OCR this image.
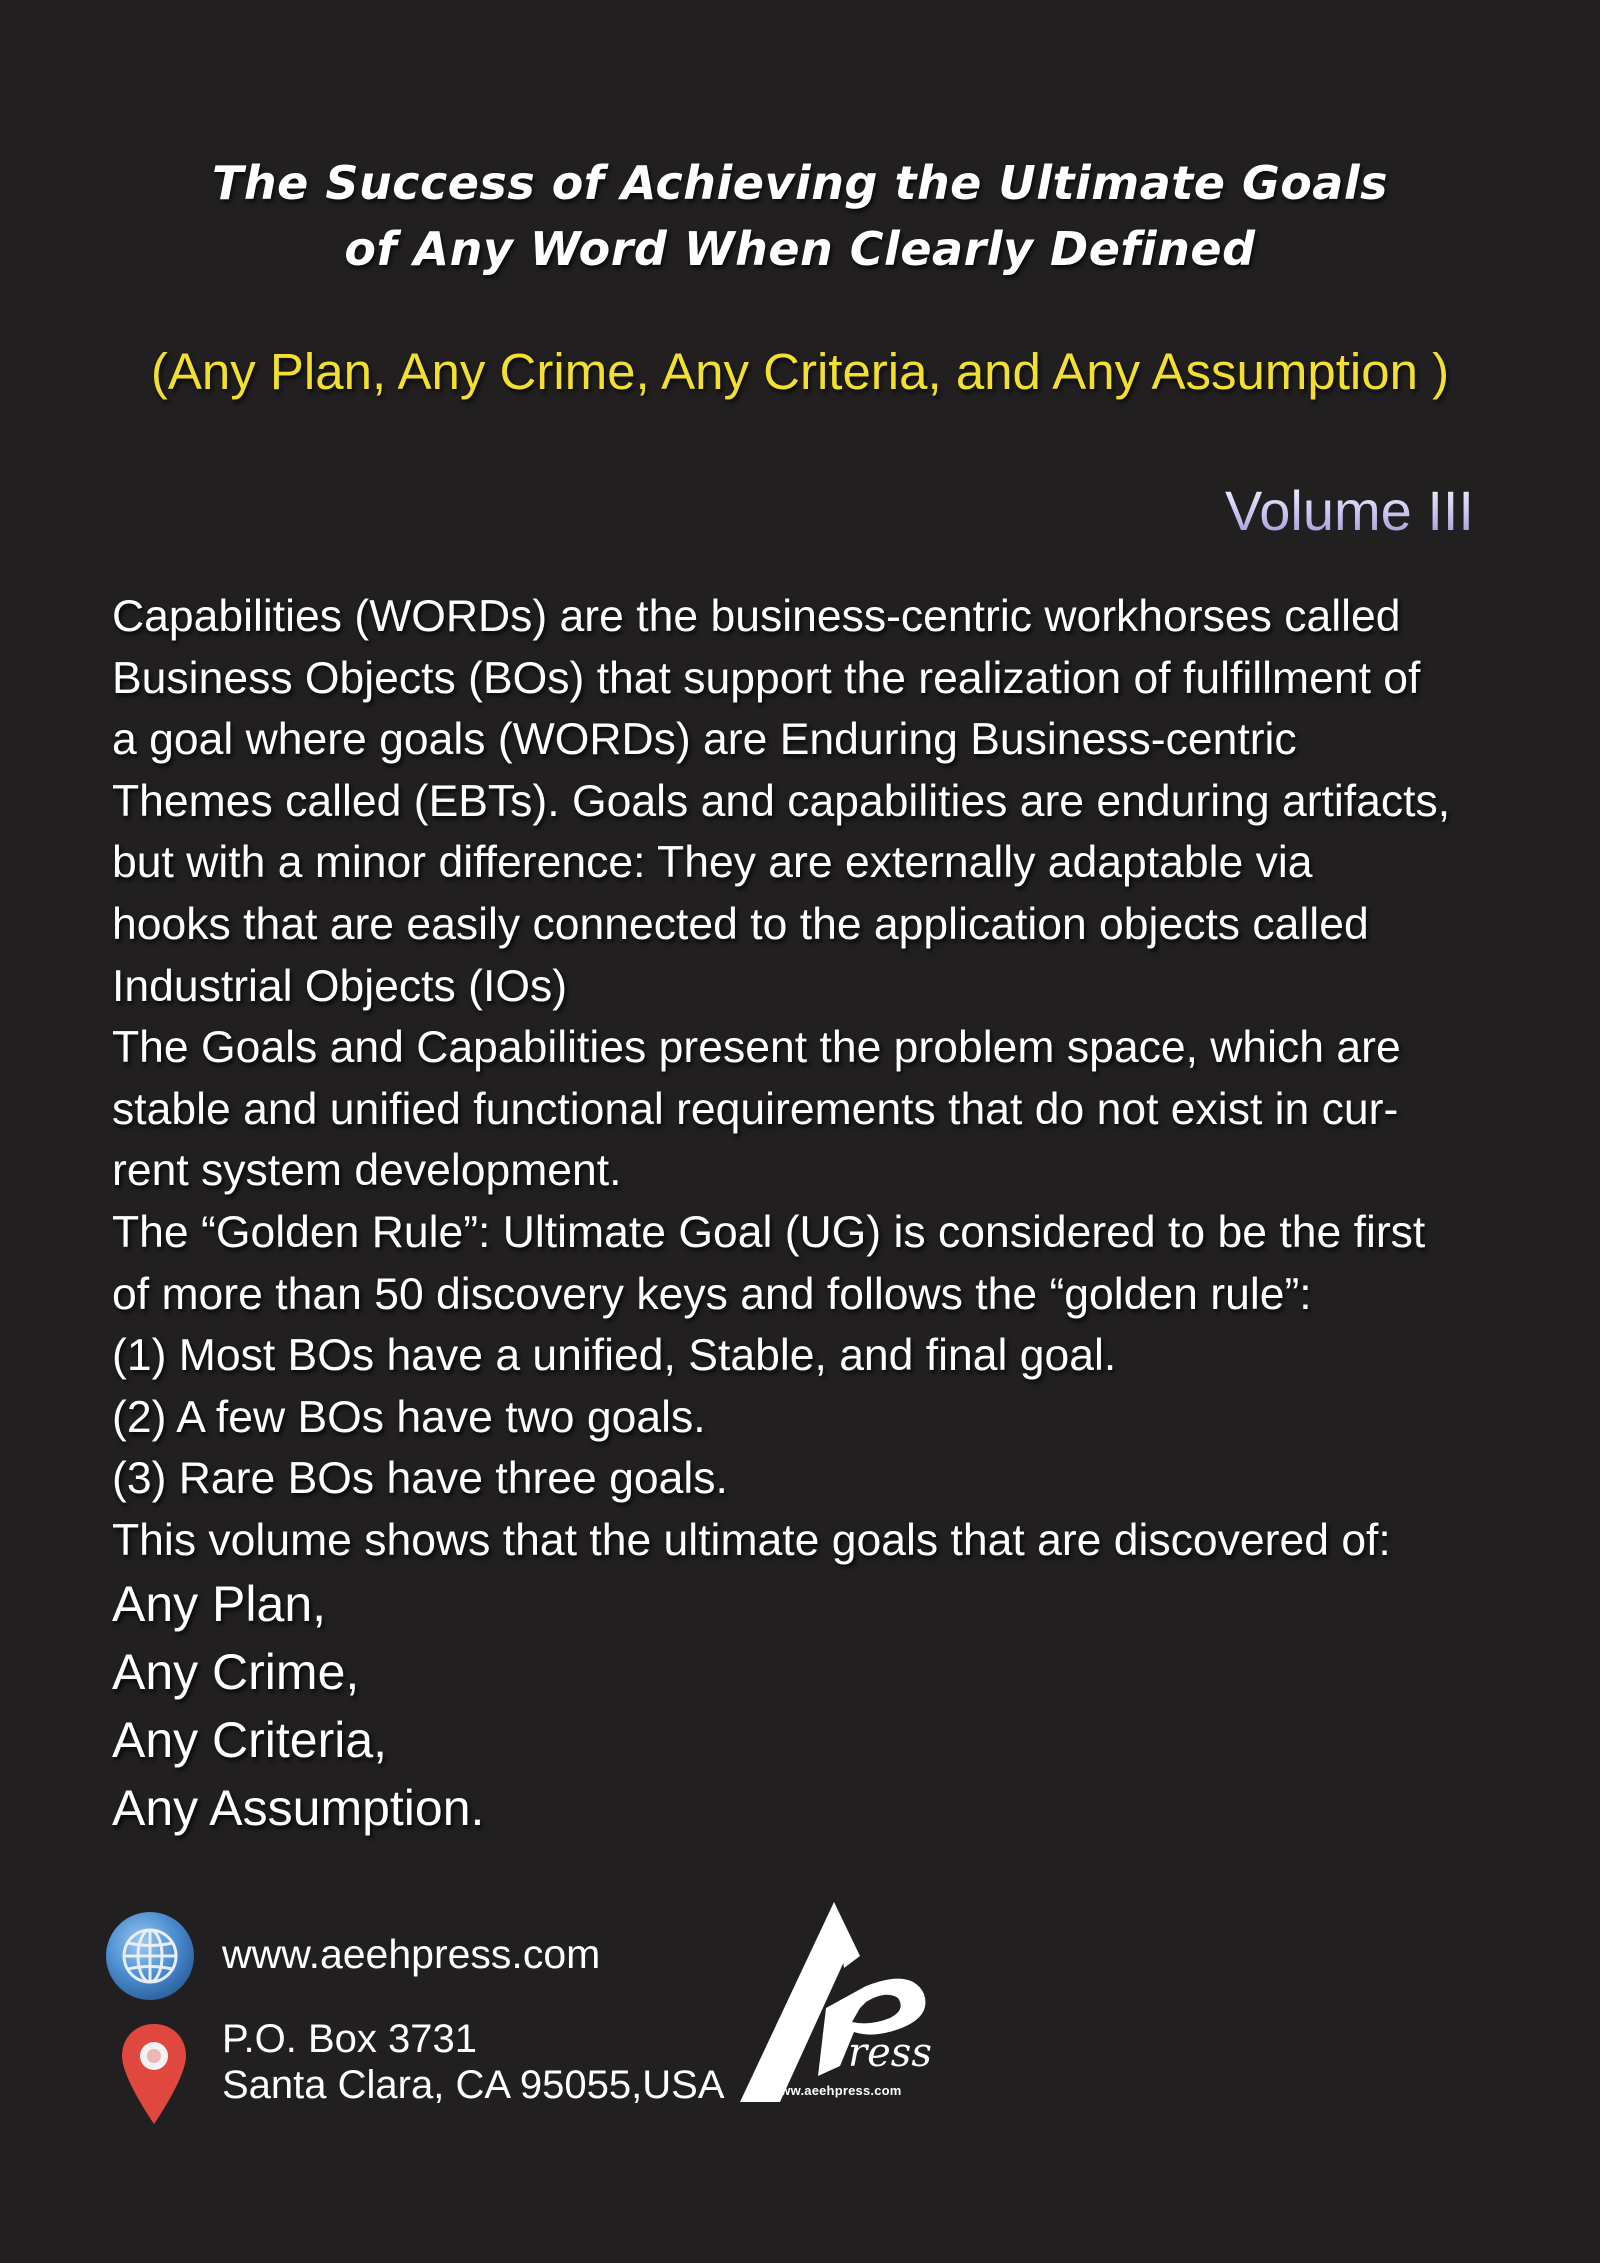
The Success of Achieving the Ultimate Goals
of Any Word When Clearly Defined
(Any Plan, Any Crime, Any Criteria, and Any Assumption )
Volume III
Capabilities (WORDs) are the business-centric workhorses called
Business Objects (BOs) that support the realization of fulfillment of
a goal where goals (WORDs) are Enduring Business-centric
Themes called (EBTs). Goals and capabilities are enduring artifacts,
but with a minor difference: They are externally adaptable via
hooks that are easily connected to the application objects called
Industrial Objects (IOs)
The Goals and Capabilities present the problem space, which are
stable and unified functional requirements that do not exist in cur-
rent system development.
The “Golden Rule”: Ultimate Goal (UG) is considered to be the first
of more than 50 discovery keys and follows the “golden rule”:
(1) Most BOs have a unified, Stable, and final goal.
(2) A few BOs have two goals.
(3) Rare BOs have three goals.
This volume shows that the ultimate goals that are discovered of:
Any Plan,
Any Crime,
Any Criteria,
Any Assumption.
www.aeehpress.com
P.O. Box 3731
Santa Clara, CA 95055,USA
ress
www.aeehpress.com
